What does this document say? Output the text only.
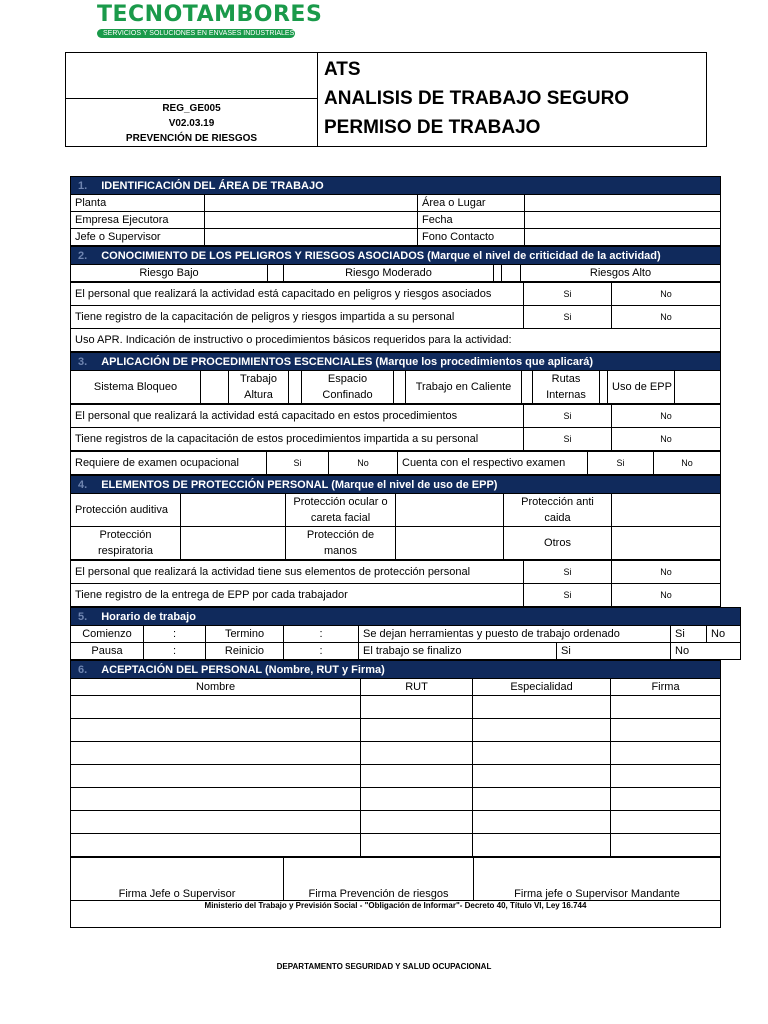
TECNOTAMBORES
SERVICIOS Y SOLUCIONES EN ENVASES INDUSTRIALES
REG_GE005
V02.03.19
PREVENCIÓN DE RIESGOS
ATS
ANALISIS DE TRABAJO SEGURO
PERMISO DE TRABAJO
1. IDENTIFICACIÓN DEL ÁREA DE TRABAJO			
Planta		Área o Lugar	
Empresa Ejecutora		Fecha	
Jefe o Supervisor		Fono Contacto	
2. CONOCIMIENTO DE LOS PELIGROS Y RIESGOS ASOCIADOS (Marque el nivel de criticidad de la actividad)
Riesgo Bajo		Riesgo Moderado			Riesgos Alto
El personal que realizará la actividad está capacitado en peligros y riesgos asociados	Si	No
Tiene registro de la capacitación de peligros y riesgos impartida a su personal	Si	No
Uso APR. Indicación de instructivo o procedimientos básicos requeridos para la actividad:		
3. APLICACIÓN DE PROCEDIMIENTOS ESCENCIALES (Marque los procedimientos que aplicará)
Sistema Bloqueo		Trabajo Altura		Espacio Confinado		Trabajo en Caliente		Rutas Internas		Uso de EPP	
El personal que realizará la actividad está capacitado en estos procedimientos	Si	No
Tiene registros de la capacitación de estos procedimientos impartida a su personal	Si	No
Requiere de examen ocupacional	Si	No	Cuenta con el respectivo examen	Si	No
4. ELEMENTOS DE PROTECCIÓN PERSONAL (Marque el nivel de uso de EPP)					
Protección auditiva		Protección ocular o careta facial		Protección anti caida	
Protección respiratoria		Protección de manos		Otros	
El personal que realizará la actividad tiene sus elementos de protección personal	Si	No
Tiene registro de la entrega de EPP por cada trabajador	Si	No
5. Horario de trabajo							
Comienzo	:	Termino	:	Se dejan herramientas y puesto de trabajo ordenado		Si	No
Pausa	:	Reinicio	:	El trabajo se finalizo	Si	No	
6. ACEPTACIÓN DEL PERSONAL (Nombre, RUT y Firma)			
Nombre	RUT	Especialidad	Firma

Firma Jefe o Supervisor	Firma Prevención de riesgos	Firma jefe o Supervisor Mandante
Ministerio del Trabajo y Previsión Social - "Obligación de Informar"- Decreto 40, Título VI, Ley 16.744
DEPARTAMENTO SEGURIDAD Y SALUD OCUPACIONAL
